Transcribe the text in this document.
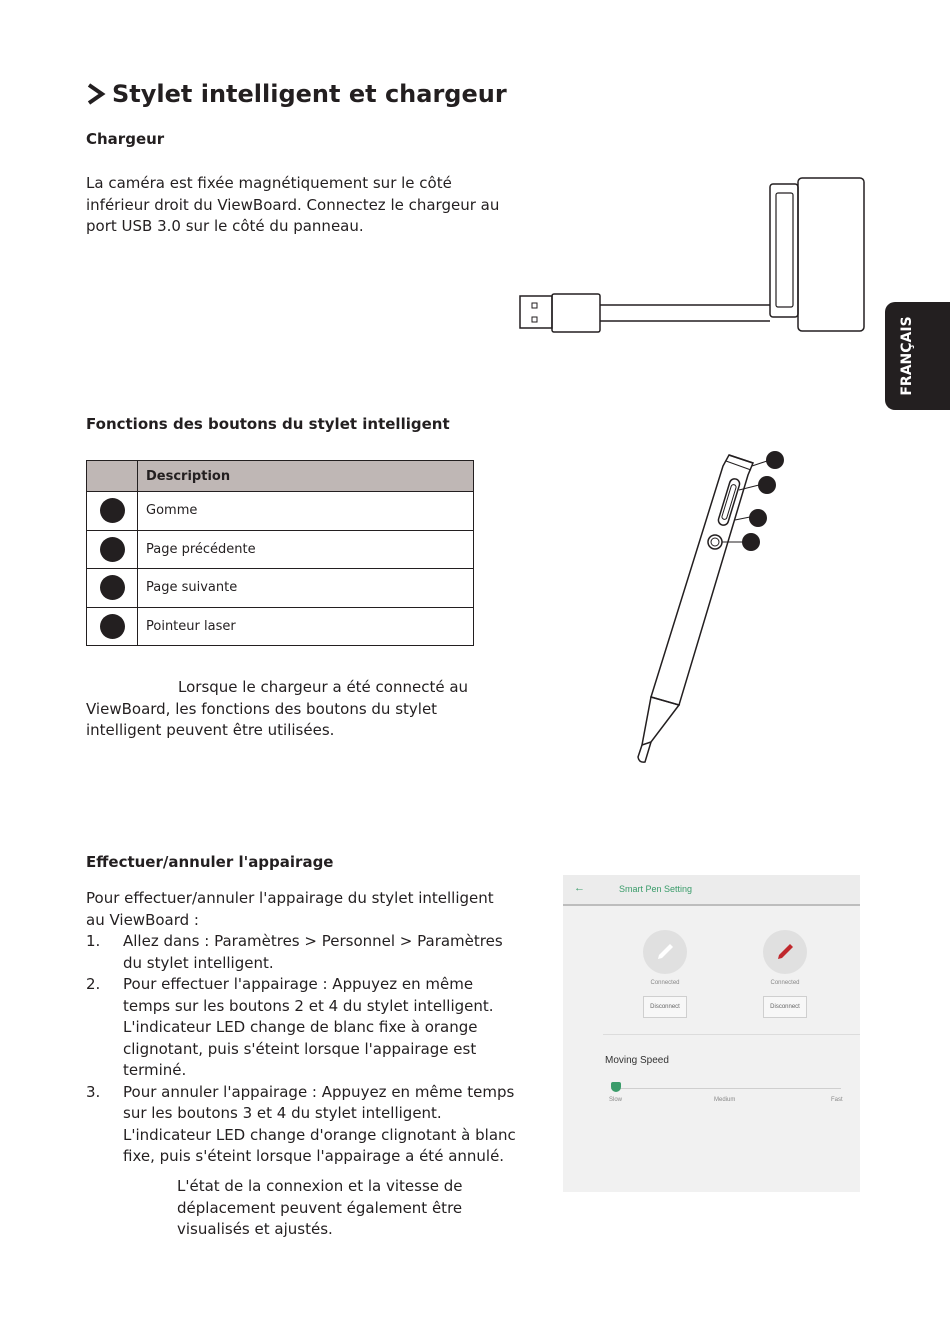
Stylet intelligent et chargeur
FRANÇAIS
Chargeur
La caméra est fixée magnétiquement sur le côté
inférieur droit du ViewBoard. Connectez le chargeur au
port USB 3.0 sur le côté du panneau.
Fonctions des boutons du stylet intelligent
	Description
	Gomme
	Page précédente
	Page suivante
	Pointeur laser
Lorsque le chargeur a été connecté au
ViewBoard, les fonctions des boutons du stylet
intelligent peuvent être utilisées.
Effectuer/annuler l'appairage
Pour effectuer/annuler l'appairage du stylet intelligent
au ViewBoard :
1. Allez dans : Paramètres > Personnel > Paramètres
du stylet intelligent.
2. Pour effectuer l'appairage : Appuyez en même
temps sur les boutons 2 et 4 du stylet intelligent.
L'indicateur LED change de blanc fixe à orange
clignotant, puis s'éteint lorsque l'appairage est
terminé.
3. Pour annuler l'appairage : Appuyez en même temps
sur les boutons 3 et 4 du stylet intelligent.
L'indicateur LED change d'orange clignotant à blanc
fixe, puis s'éteint lorsque l'appairage a été annulé.
L'état de la connexion et la vitesse de
déplacement peuvent également être
visualisés et ajustés.
←	Smart Pen Setting
Connected
Disconnect
Connected
Disconnect
Moving Speed
Slow	Medium	Fast
